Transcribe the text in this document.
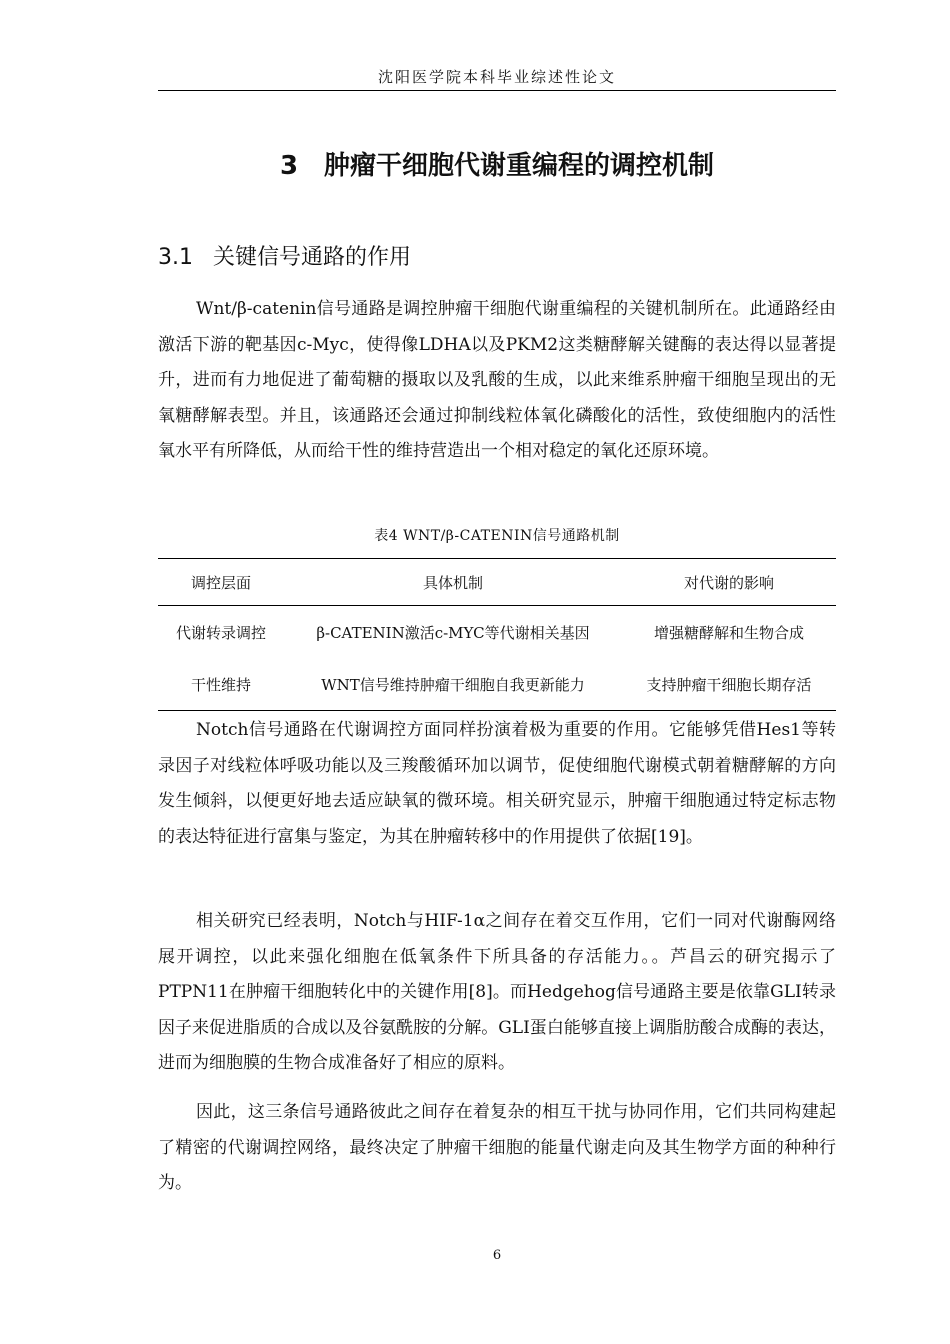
沈阳医学院本科毕业综述性论文
3 肿瘤干细胞代谢重编程的调控机制
3.1 关键信号通路的作用

Wnt/β-catenin信号通路是调控肿瘤干细胞代谢重编程的关键机制所在。此通路经由激活下游的靶基因c-Myc，使得像LDHA以及PKM2这类糖酵解关键酶的表达得以显著提升，进而有力地促进了葡萄糖的摄取以及乳酸的生成，以此来维系肿瘤干细胞呈现出的无氧糖酵解表型。并且，该通路还会通过抑制线粒体氧化磷酸化的活性，致使细胞内的活性氧水平有所降低，从而给干性的维持营造出一个相对稳定的氧化还原环境。

表4 WNT/β-CATENIN信号通路机制
调控层面	具体机制	对代谢的影响
代谢转录调控	β-CATENIN激活c-MYC等代谢相关基因	增强糖酵解和生物合成
干性维持	WNT信号维持肿瘤干细胞自我更新能力	支持肿瘤干细胞长期存活

Notch信号通路在代谢调控方面同样扮演着极为重要的作用。它能够凭借Hes1等转录因子对线粒体呼吸功能以及三羧酸循环加以调节，促使细胞代谢模式朝着糖酵解的方向发生倾斜，以便更好地去适应缺氧的微环境。相关研究显示，肿瘤干细胞通过特定标志物的表达特征进行富集与鉴定，为其在肿瘤转移中的作用提供了依据[19]。

相关研究已经表明，Notch与HIF-1α之间存在着交互作用，它们一同对代谢酶网络展开调控，以此来强化细胞在低氧条件下所具备的存活能力。。芦昌云的研究揭示了PTPN11在肿瘤干细胞转化中的关键作用[8]。而Hedgehog信号通路主要是依靠GLI转录因子来促进脂质的合成以及谷氨酰胺的分解。GLI蛋白能够直接上调脂肪酸合成酶的表达，进而为细胞膜的生物合成准备好了相应的原料。

因此，这三条信号通路彼此之间存在着复杂的相互干扰与协同作用，它们共同构建起了精密的代谢调控网络，最终决定了肿瘤干细胞的能量代谢走向及其生物学方面的种种行为。

6
